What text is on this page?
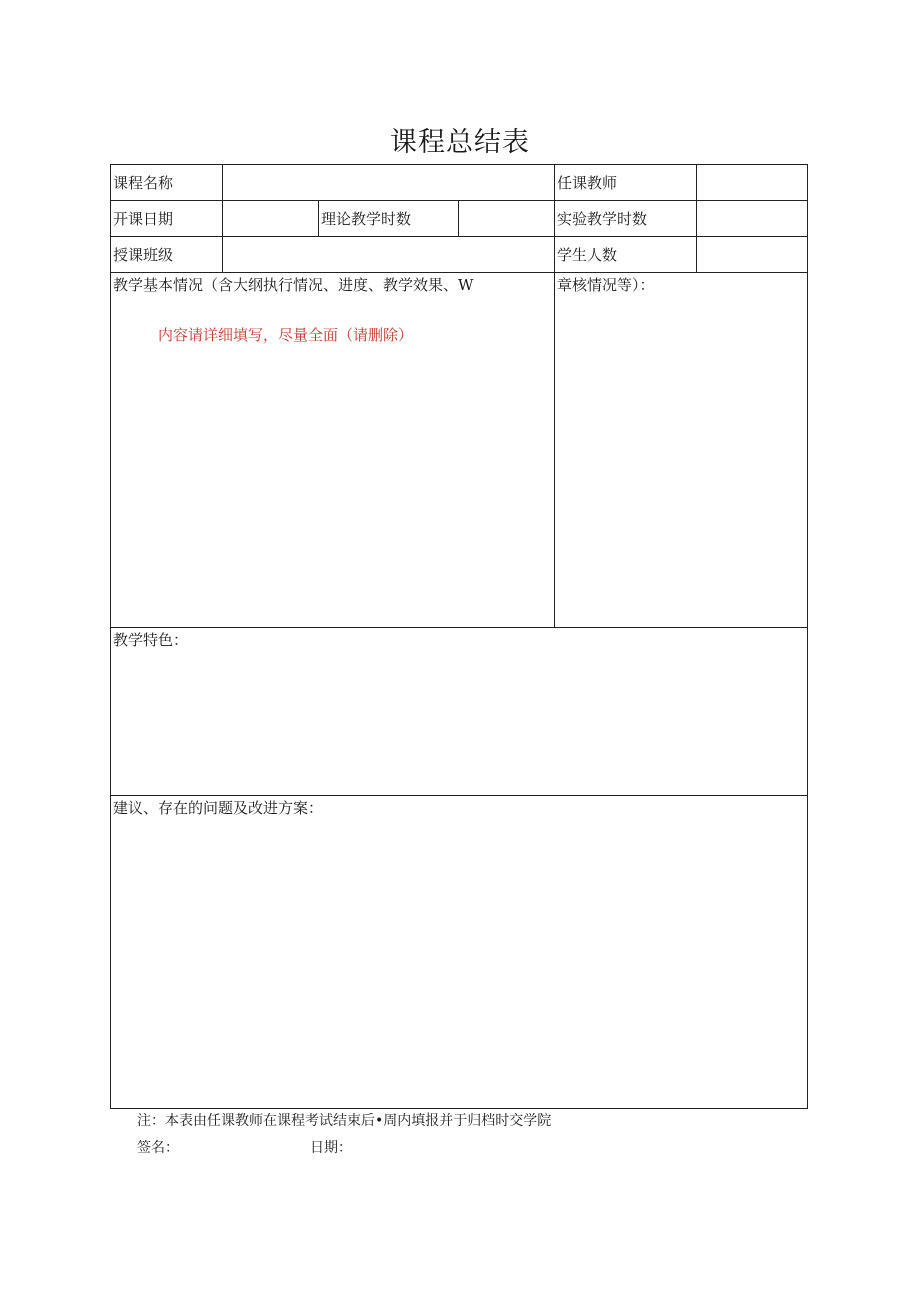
课程总结表
课程名称	任课教师
开课日期	理论教学时数	实验教学时数
授课班级	学生人数
教学基本情况（含大纲执行情况、进度、教学效果、W
内容请详细填写，尽量全面（请删除）
章核情况等）：
教学特色：
建议、存在的问题及改进方案：
注：本表由任课教师在课程考试结束后•周内填报并于归档时交学院
签名：	日期：
